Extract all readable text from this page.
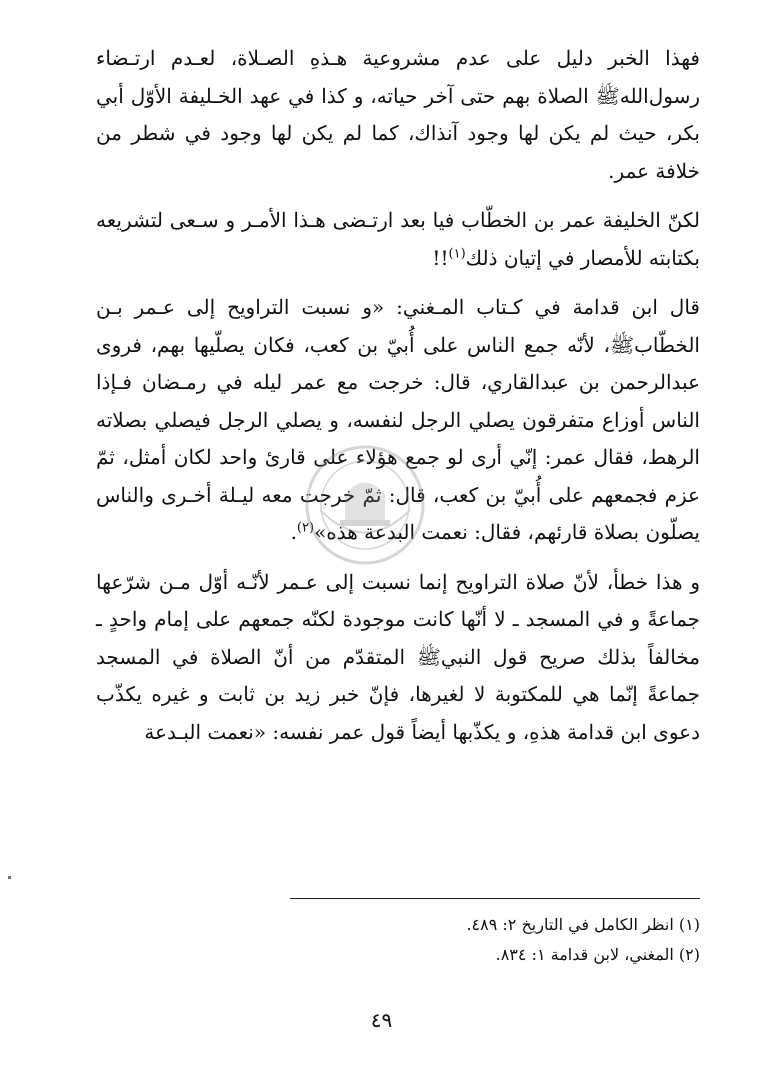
فهذا الخبر دليل على عدم مشروعية هـذهِ الصـلاة، لعـدم ارتـضاء رسول‌اللهﷺ الصلاة بهم حتى آخر حياته، و كذا في عهد الخـليفة الأوّل أبي بكر، حيث لم يكن لها وجود آنذاك، كما لم يكن لها وجود في شطر من خلافة عمر.

لكنّ الخليفة عمر بن الخطّاب فيا بعد ارتـضى هـذا الأمـر و سـعى لتشريعه بكتابته للأمصار في إتيان ذلك$^{(١)}$!!

قال ابن قدامة في كـتاب المـغني: «و نسبت التراويح إلى عـمر بـن الخطّابﷺ، لأنّه جمع الناس على أُبيّ بن كعب، فكان يصلّيها بهم، فروى عبدالرحمن بن عبدالقاري، قال: خرجت مع عمر ليله في رمـضان فـإذا الناس أوزاع متفرقون يصلي الرجل لنفسه، و يصلي الرجل فيصلي بصلاته الرهط، فقال عمر: إنّي أرى لو جمع هؤلاء على قارئ واحد لكان أمثل، ثمّ عزم فجمعهم على أُبيّ بن كعب، قال: ثمّ خرجت معه ليـلة أخـرى والناس يصلّون بصلاة قارئهم، فقال: نعمت البدعة هذه»$^{(٢)}$.

و هذا خطأ، لأنّ صلاة التراويح إنما نسبت إلى عـمر لأنّـه أوّل مـن شرّعها جماعةً و في المسجد ـ لا أنّها كانت موجودة لكنّه جمعهم على إمام واحدٍ ـ مخالفاً بذلك صريح قول النبيﷺ المتقدّم من أنّ الصلاة في المسجد جماعةً إنّما هي للمكتوبة لا لغيرها، فإنّ خبر زيد بن ثابت و غيره يكذّب دعوى ابن قدامة هذهِ، و يكذّبها أيضاً قول عمر نفسه: «نعمت البـدعة

(١) انظر الكامل في التاريخ ٢: ٤٨٩.
(٢) المغني، لابن قدامة ١: ٨٣٤.
٤٩
